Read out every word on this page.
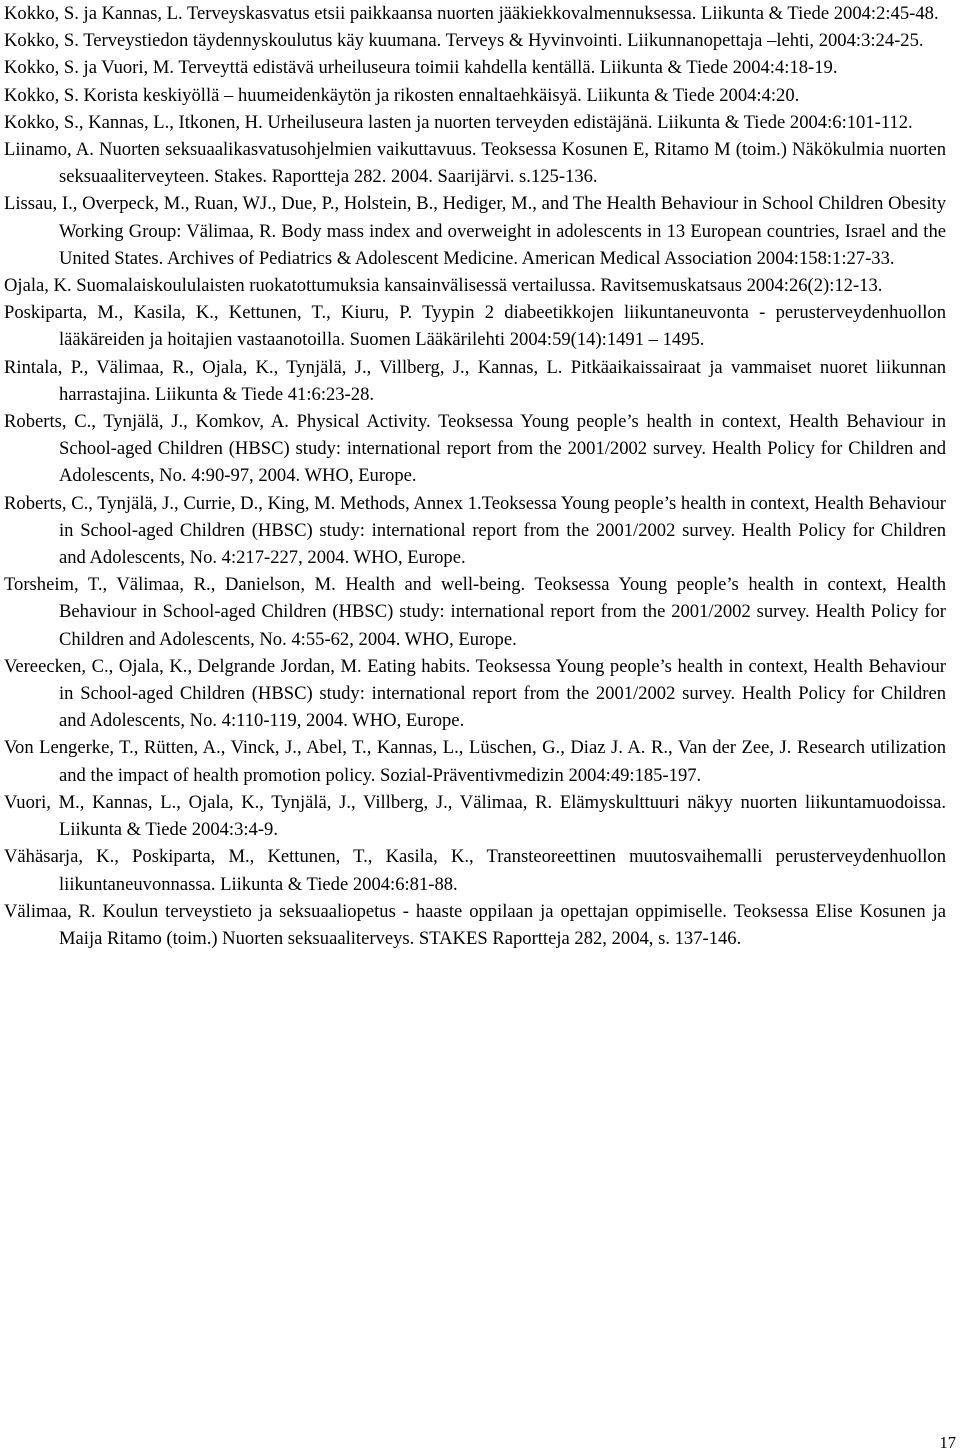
Kokko, S. ja Kannas, L. Terveyskasvatus etsii paikkaansa nuorten jääkiekkovalmennuksessa. Liikunta & Tiede 2004:2:45-48.

Kokko, S. Terveystiedon täydennyskoulutus käy kuumana. Terveys & Hyvinvointi. Liikunnanopettaja –lehti, 2004:3:24-25.

Kokko, S. ja Vuori, M. Terveyttä edistävä urheiluseura toimii kahdella kentällä. Liikunta & Tiede 2004:4:18-19.

Kokko, S. Korista keskiyöllä – huumeidenkäytön ja rikosten ennaltaehkäisyä. Liikunta & Tiede 2004:4:20.

Kokko, S., Kannas, L., Itkonen, H. Urheiluseura lasten ja nuorten terveyden edistäjänä. Liikunta & Tiede 2004:6:101-112.

Liinamo, A. Nuorten seksuaalikasvatusohjelmien vaikuttavuus. Teoksessa Kosunen E, Ritamo M (toim.) Näkökulmia nuorten seksuaaliterveyteen. Stakes. Raportteja 282. 2004. Saarijärvi. s.125-136.

Lissau, I., Overpeck, M., Ruan, WJ., Due, P., Holstein, B., Hediger, M., and The Health Behaviour in School Children Obesity Working Group: Välimaa, R. Body mass index and overweight in adolescents in 13 European countries, Israel and the United States. Archives of Pediatrics & Adolescent Medicine. American Medical Association 2004:158:1:27-33.

Ojala, K. Suomalaiskoululaisten ruokatottumuksia kansainvälisessä vertailussa. Ravitsemuskatsaus 2004:26(2):12-13.

Poskiparta, M., Kasila, K., Kettunen, T., Kiuru, P. Tyypin 2 diabeetikkojen liikuntaneuvonta - perusterveydenhuollon lääkäreiden ja hoitajien vastaanotoilla. Suomen Lääkärilehti 2004:59(14):1491 – 1495.

Rintala, P., Välimaa, R., Ojala, K., Tynjälä, J., Villberg, J., Kannas, L. Pitkäaikaissairaat ja vammaiset nuoret liikunnan harrastajina. Liikunta & Tiede 41:6:23-28.

Roberts, C., Tynjälä, J., Komkov, A. Physical Activity. Teoksessa Young people’s health in context, Health Behaviour in School-aged Children (HBSC) study: international report from the 2001/2002 survey. Health Policy for Children and Adolescents, No. 4:90-97, 2004. WHO, Europe.

Roberts, C., Tynjälä, J., Currie, D., King, M. Methods, Annex 1.Teoksessa Young people’s health in context, Health Behaviour in School-aged Children (HBSC) study: international report from the 2001/2002 survey. Health Policy for Children and Adolescents, No. 4:217-227, 2004. WHO, Europe.

Torsheim, T., Välimaa, R., Danielson, M. Health and well-being. Teoksessa Young people’s health in context, Health Behaviour in School-aged Children (HBSC) study: international report from the 2001/2002 survey. Health Policy for Children and Adolescents, No. 4:55-62, 2004. WHO, Europe.

Vereecken, C., Ojala, K., Delgrande Jordan, M. Eating habits. Teoksessa Young people’s health in context, Health Behaviour in School-aged Children (HBSC) study: international report from the 2001/2002 survey. Health Policy for Children and Adolescents, No. 4:110-119, 2004. WHO, Europe.

Von Lengerke, T., Rütten, A., Vinck, J., Abel, T., Kannas, L., Lüschen, G., Diaz J. A. R., Van der Zee, J. Research utilization and the impact of health promotion policy. Sozial-Präventivmedizin 2004:49:185-197.

Vuori, M., Kannas, L., Ojala, K., Tynjälä, J., Villberg, J., Välimaa, R. Elämyskulttuuri näkyy nuorten liikuntamuodoissa. Liikunta & Tiede 2004:3:4-9.

Vähäsarja, K., Poskiparta, M., Kettunen, T., Kasila, K., Transteoreettinen muutosvaihemalli perusterveydenhuollon liikuntaneuvonnassa. Liikunta & Tiede 2004:6:81-88.

Välimaa, R. Koulun terveystieto ja seksuaaliopetus - haaste oppilaan ja opettajan oppimiselle. Teoksessa Elise Kosunen ja Maija Ritamo (toim.) Nuorten seksuaaliterveys. STAKES Raportteja 282, 2004, s. 137-146.

17
